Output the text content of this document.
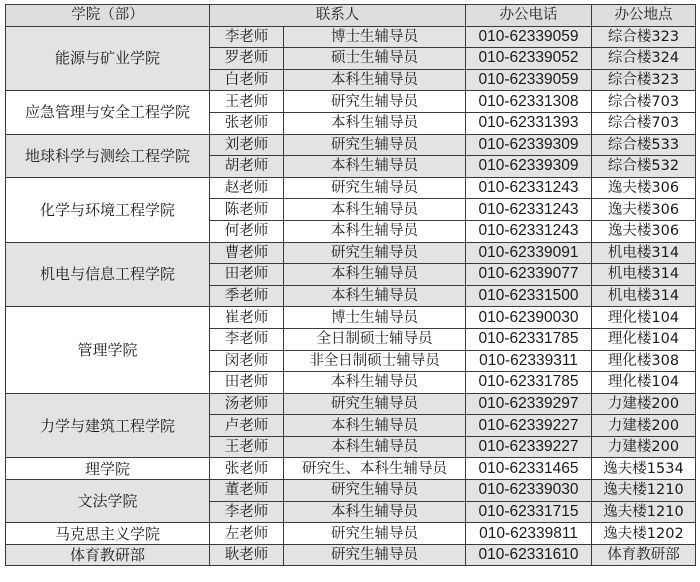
学院（部）	联系人		办公电话	办公地点
能源与矿业学院	李老师	博士生辅导员	010-62339059	综合楼323
	罗老师	硕士生辅导员	010-62339052	综合楼324
	白老师	本科生辅导员	010-62339059	综合楼323
应急管理与安全工程学院	王老师	研究生辅导员	010-62331308	综合楼703
	张老师	本科生辅导员	010-62331393	综合楼703
地球科学与测绘工程学院	刘老师	研究生辅导员	010-62339309	综合楼533
	胡老师	本科生辅导员	010-62339309	综合楼532
化学与环境工程学院	赵老师	研究生辅导员	010-62331243	逸夫楼306
	陈老师	本科生辅导员	010-62331243	逸夫楼306
	何老师	本科生辅导员	010-62331243	逸夫楼306
机电与信息工程学院	曹老师	研究生辅导员	010-62339091	机电楼314
	田老师	本科生辅导员	010-62339077	机电楼314
	季老师	本科生辅导员	010-62331500	机电楼314
管理学院	崔老师	博士生辅导员	010-62390030	理化楼104
	李老师	全日制硕士辅导员	010-62331785	理化楼104
	闵老师	非全日制硕士辅导员	010-62339311	理化楼308
	田老师	本科生辅导员	010-62331785	理化楼104
力学与建筑工程学院	汤老师	研究生辅导员	010-62339297	力建楼200
	卢老师	本科生辅导员	010-62339227	力建楼200
	王老师	本科生辅导员	010-62339227	力建楼200
理学院	张老师	研究生、本科生辅导员	010-62331465	逸夫楼1534
文法学院	董老师	研究生辅导员	010-62339030	逸夫楼1210
	李老师	本科生辅导员	010-62331715	逸夫楼1210
马克思主义学院	左老师	研究生辅导员	010-62339811	逸夫楼1202
体育教研部	耿老师	研究生辅导员	010-62331610	体育教研部
